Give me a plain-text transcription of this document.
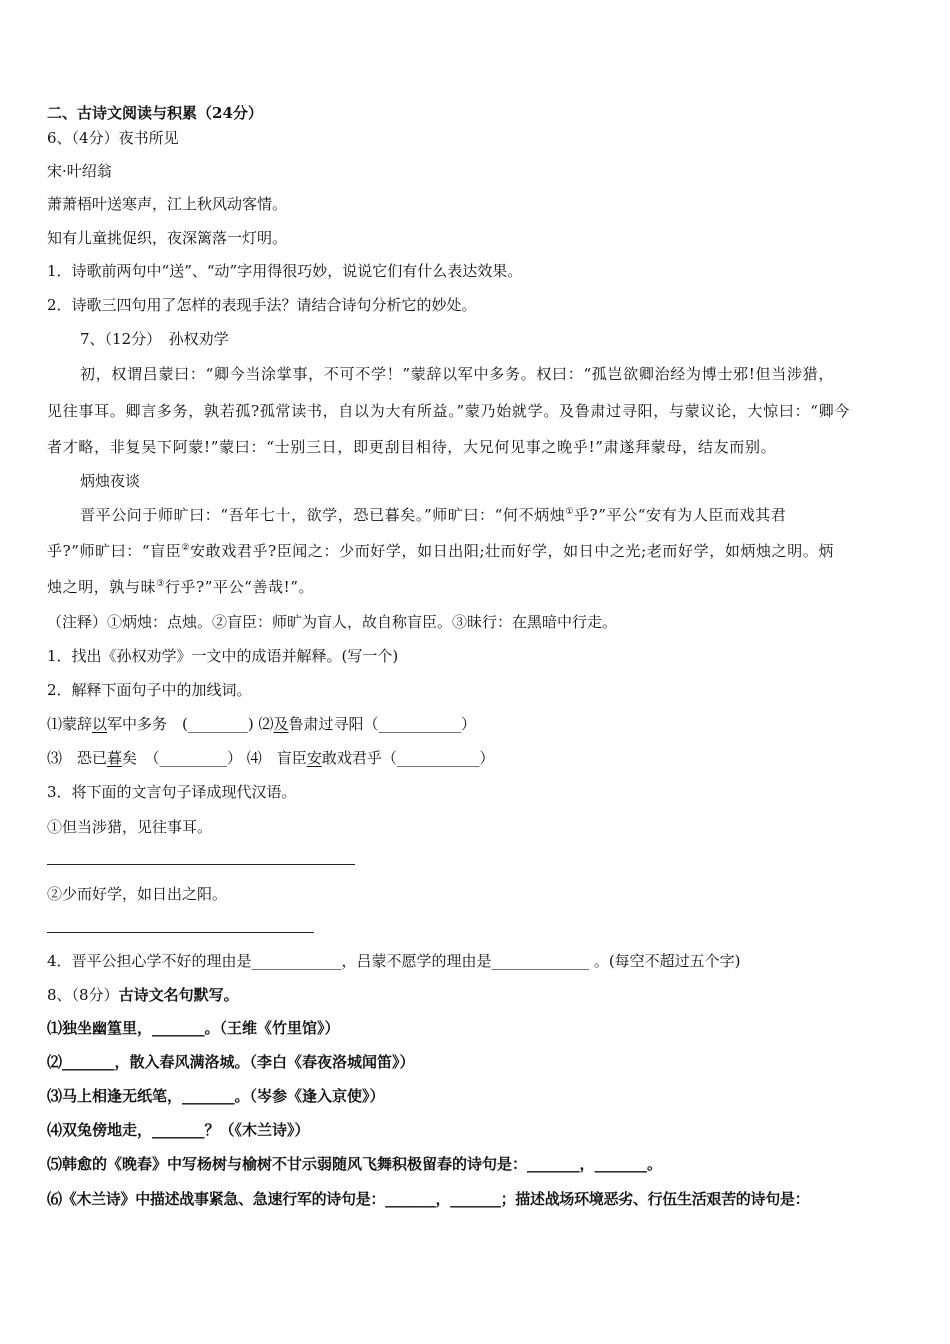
二、古诗文阅读与积累（24分）
6、（4分）夜书所见
宋·叶绍翁
萧萧梧叶送寒声，江上秋风动客情。
知有儿童挑促织，夜深篱落一灯明。
1．诗歌前两句中“送”、“动”字用得很巧妙，说说它们有什么表达效果。
2．诗歌三四句用了怎样的表现手法？请结合诗句分析它的妙处。
7、（12分）　孙权劝学
初，权谓吕蒙曰：“卿今当涂掌事，不可不学！”蒙辞以军中多务。权曰：“孤岂欲卿治经为博士邪!但当涉猎，
见往事耳。卿言多务，孰若孤?孤常读书，自以为大有所益。”蒙乃始就学。及鲁肃过寻阳，与蒙议论，大惊曰：“卿今
者才略，非复吴下阿蒙!”蒙曰：“士别三日，即更刮目相待，大兄何见事之晚乎!”肃遂拜蒙母，结友而别。
炳烛夜谈
晋平公问于师旷曰：“吾年七十，欲学，恐已暮矣。”师旷曰：“何不炳烛①乎?”平公“安有为人臣而戏其君
乎?”师旷曰：“盲臣②安敢戏君乎?臣闻之：少而好学，如日出阳;壮而好学，如日中之光;老而好学，如炳烛之明。炳
烛之明，孰与昧③行乎?”平公“善哉!”。
（注释）①炳烛：点烛。②盲臣：师旷为盲人，故自称盲臣。③昧行：在黑暗中行走。
1．找出《孙权劝学》一文中的成语并解释。(写一个)
2．解释下面句子中的加线词。
⑴蒙辞以军中多务　(________) ⑵及鲁肃过寻阳（___________）
⑶　恐已暮矣　（_________） ⑷　盲臣安敢戏君乎（___________）
3．将下面的文言句子译成现代汉语。
①但当涉猎，见往事耳。
②少而好学，如日出之阳。
4．晋平公担心学不好的理由是____________，吕蒙不愿学的理由是_____________ 。(每空不超过五个字)
8、（8分）古诗文名句默写。
⑴独坐幽篁里，_______。（王维《竹里馆》）
⑵_______，散入春风满洛城。（李白《春夜洛城闻笛》）
⑶马上相逢无纸笔，_______。（岑参《逢入京使》）
⑷双兔傍地走，_______？（《木兰诗》）
⑸韩愈的《晚春》中写杨树与榆树不甘示弱随风飞舞积极留春的诗句是：_______，_______。
⑹《木兰诗》中描述战事紧急、急速行军的诗句是：_______，_______；描述战场环境恶劣、行伍生活艰苦的诗句是：
